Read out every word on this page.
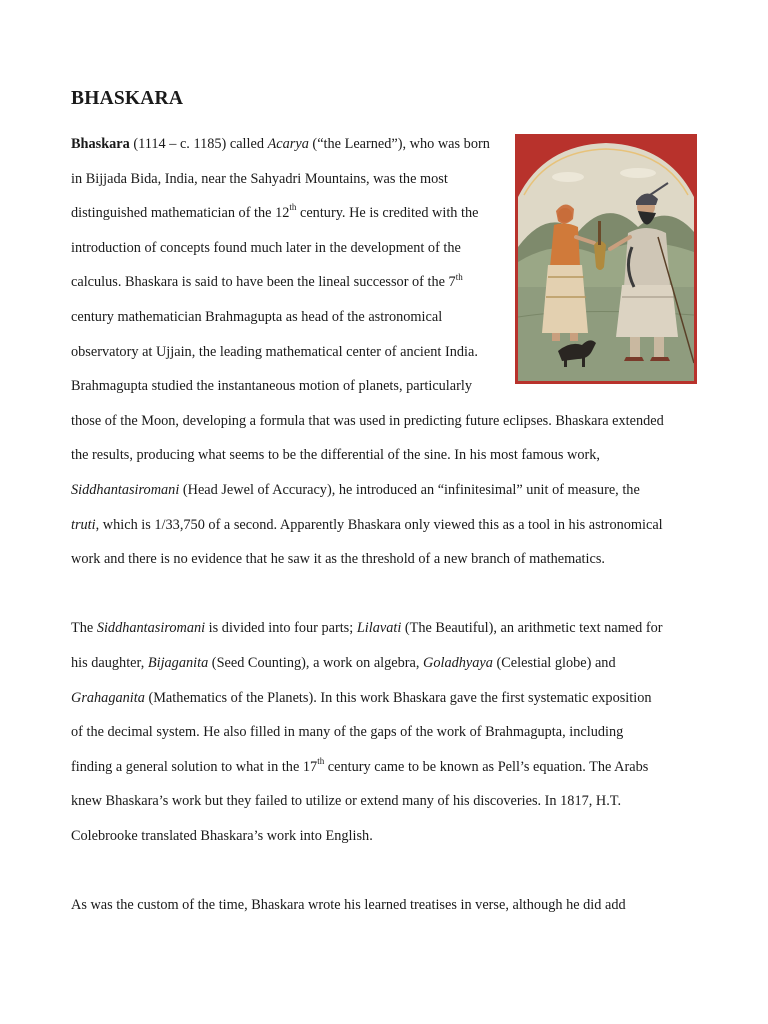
BHASKARA

Bhaskara (1114 – c. 1185) called Acarya (“the Learned”), who was born

in Bijjada Bida, India, near the Sahyadri Mountains, was the most

distinguished mathematician of the 12th century. He is credited with the

introduction of concepts found much later in the development of the

calculus. Bhaskara is said to have been the lineal successor of the 7th

century mathematician Brahmagupta as head of the astronomical

observatory at Ujjain, the leading mathematical center of ancient India.

Brahmagupta studied the instantaneous motion of planets, particularly

those of the Moon, developing a formula that was used in predicting future eclipses. Bhaskara extended

the results, producing what seems to be the differential of the sine. In his most famous work,

Siddhantasiromani (Head Jewel of Accuracy), he introduced an “infinitesimal” unit of measure, the

truti, which is 1/33,750 of a second. Apparently Bhaskara only viewed this as a tool in his astronomical

work and there is no evidence that he saw it as the threshold of a new branch of mathematics.

The Siddhantasiromani is divided into four parts; Lilavati (The Beautiful), an arithmetic text named for

his daughter, Bijaganita (Seed Counting), a work on algebra, Goladhyaya (Celestial globe) and

Grahaganita (Mathematics of the Planets). In this work Bhaskara gave the first systematic exposition

of the decimal system. He also filled in many of the gaps of the work of Brahmagupta, including

finding a general solution to what in the 17th century came to be known as Pell’s equation. The Arabs

knew Bhaskara’s work but they failed to utilize or extend many of his discoveries. In 1817, H.T.

Colebrooke translated Bhaskara’s work into English.

As was the custom of the time, Bhaskara wrote his learned treatises in verse, although he did add
